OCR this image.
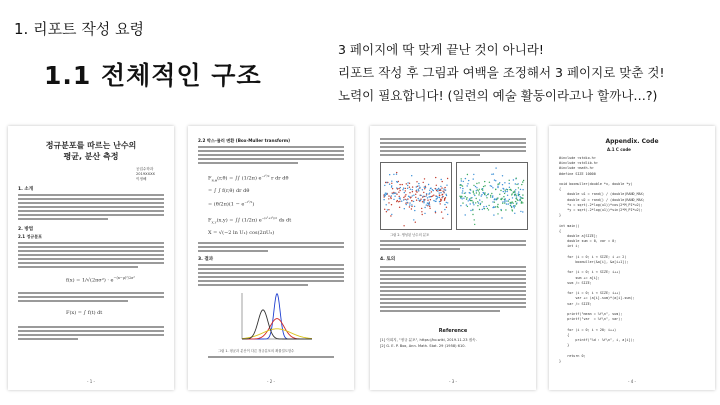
1. 리포트 작성 요령
1.1 전체적인 구조
3 페이지에 딱 맞게 끝난 것이 아니라!
리포트 작성 후 그림과 여백을 조정해서 3 페이지로 맞춘 것!
노력이 필요합니다! (일련의 예술 활동이라고나 할까나…?)
정규분포를 따르는 난수의
평균, 분산 측정
공업수학과
2019XXXX
이정해
1. 소개
2. 방법
2.1 정규분포
$f(x) = 1/√(2\pi\sigma^2) \cdot e^{-(x-\mu)^2/2\sigma^2}$
F(x) = ∫ f(t) dt
- 1 -
2.2 박스-뮬러 변환 (Box-Muller transform)
$F_{R,\Theta}(r,\theta)$ = ∫∫ (1/2π) $e^{-r^2/2}$ r dr dθ
= ∫ ∫ f(r,θ) dr dθ
= $(\theta/2\pi)(1 - e^{-r^2/2})$
$F_{X,Y}(x,y)$ = ∫∫ (1/2π) $e^{-(s^2+t^2)/2}$ ds dt
X = √(−2 ln U₁) cos(2πU₂)
3. 결과
그림 1. 평균과 분산이 다른 정규분포의 확률밀도함수
- 2 -
그림 2. 생성된 난수의 분포
4. 토의
Reference
[1] 이희지, "정규 분포", https://ko.wiki, 2019.11.23 접속.
[2] G. E. P. Box, Ann. Math. Stat. 29 (1958) 610.
- 3 -
Appendix. Code
A.1 C code
#include <stdio.h>
#include <stdlib.h>
#include <math.h>
#define SIZE 10000
void boxmuller(double *x, double *y)
{
double u1 = rand() / (double)RAND_MAX;
double u2 = rand() / (double)RAND_MAX;
*x = sqrt(-2*log(u1))*cos(2*M_PI*u2);
*y = sqrt(-2*log(u1))*sin(2*M_PI*u2);
}
int main()
{
double a[SIZE];
double sum = 0, var = 0;
int i;
for (i = 0; i < SIZE; i += 2)
boxmuller(&a[i], &a[i+1]);
for (i = 0; i < SIZE; i++)
sum += a[i];
sum /= SIZE;
for (i = 0; i < SIZE; i++)
var += (a[i]-sum)*(a[i]-sum);
var /= SIZE;
printf("mean = %f\n", sum);
printf("var  = %f\n", var);
for (i = 0; i < 20; i++)
{
printf("%d : %f\n", i, a[i]);
}
return 0;
}
- 4 -
